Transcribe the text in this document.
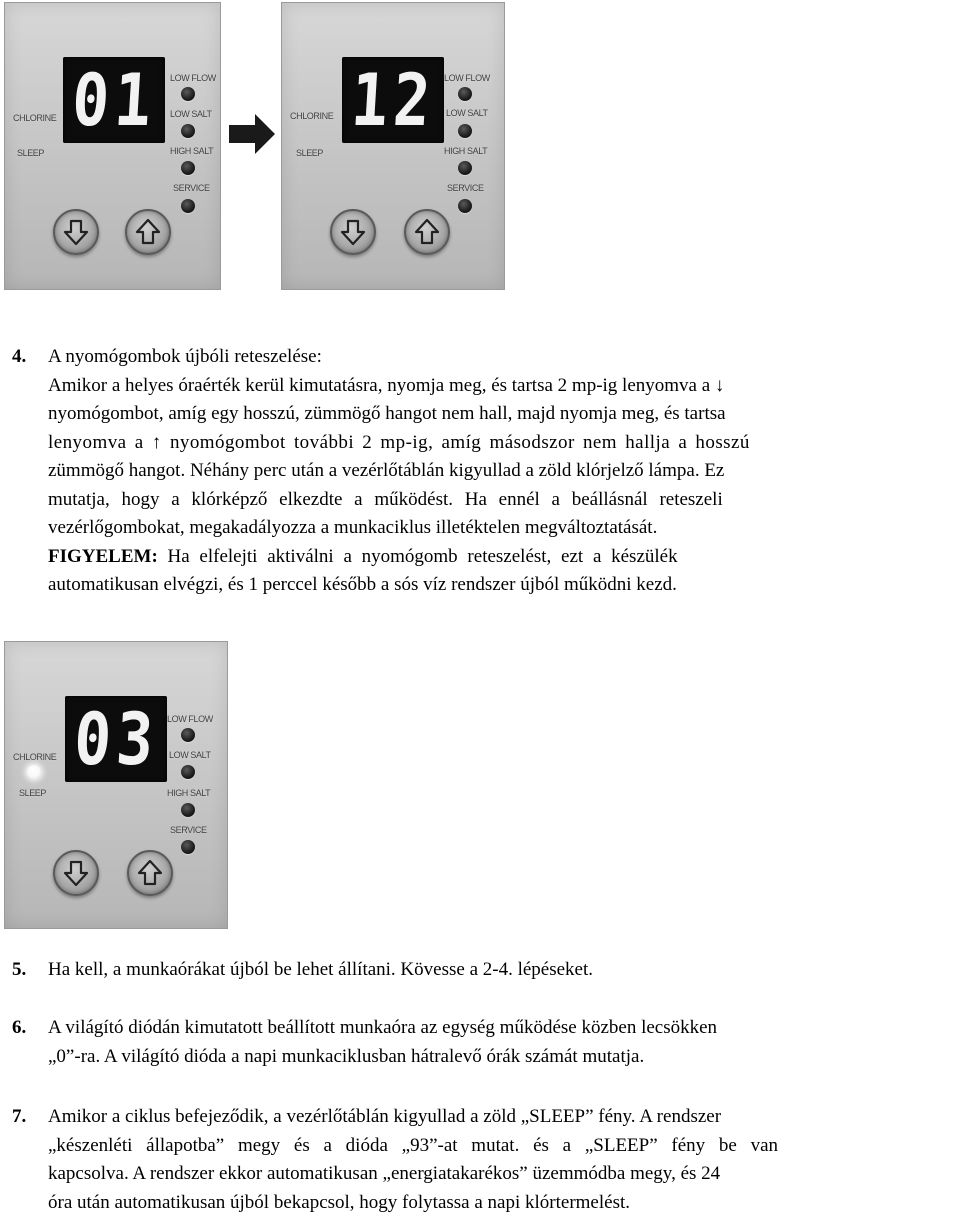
01
CHLORINE
SLEEP
LOW FLOW
LOW SALT
HIGH SALT
SERVICE
12
CHLORINE
SLEEP
LOW FLOW
LOW SALT
HIGH SALT
SERVICE

4. A nyomógombok újbóli reteszelése:

Amikor a helyes óraérték kerül kimutatásra, nyomja meg, és tartsa 2 mp-ig lenyomva a ↓

nyomógombot, amíg egy hosszú, zümmögő hangot nem hall, majd nyomja meg, és tartsa

lenyomva a ↑ nyomógombot további 2 mp-ig, amíg másodszor nem hallja a hosszú

zümmögő hangot. Néhány perc után a vezérlőtáblán kigyullad a zöld klórjelző lámpa. Ez

mutatja, hogy a klórképző elkezdte a működést. Ha ennél a beállásnál reteszeli

vezérlőgombokat, megakadályozza a munkaciklus illetéktelen megváltoztatását.

FIGYELEM: Ha elfelejti aktiválni a nyomógomb reteszelést, ezt a készülék

automatikusan elvégzi, és 1 perccel később a sós víz rendszer újból működni kezd.

03
CHLORINE
SLEEP
LOW FLOW
LOW SALT
HIGH SALT
SERVICE

5. Ha kell, a munkaórákat újból be lehet állítani. Kövesse a 2-4. lépéseket.

6. A világító diódán kimutatott beállított munkaóra az egység működése közben lecsökken

„0”-ra. A világító dióda a napi munkaciklusban hátralevő órák számát mutatja.

7. Amikor a ciklus befejeződik, a vezérlőtáblán kigyullad a zöld „SLEEP” fény. A rendszer

„készenléti állapotba” megy és a dióda „93”-at mutat. és a „SLEEP” fény be van

kapcsolva. A rendszer ekkor automatikusan „energiatakarékos” üzemmódba megy, és 24

óra után automatikusan újból bekapcsol, hogy folytassa a napi klórtermelést.
